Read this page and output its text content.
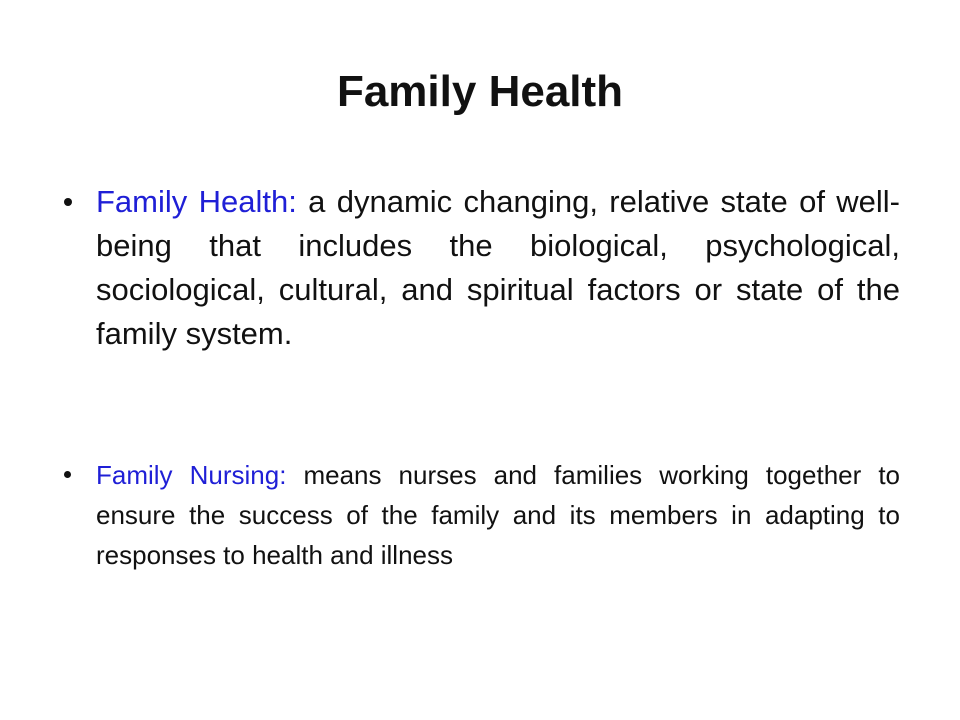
Family Health
Family Health: a dynamic changing, relative state of well-being that includes the biological, psychological, sociological, cultural, and spiritual factors or state of the family system.
Family Nursing: means nurses and families working together to ensure the success of the family and its members in adapting to responses to health and illness
